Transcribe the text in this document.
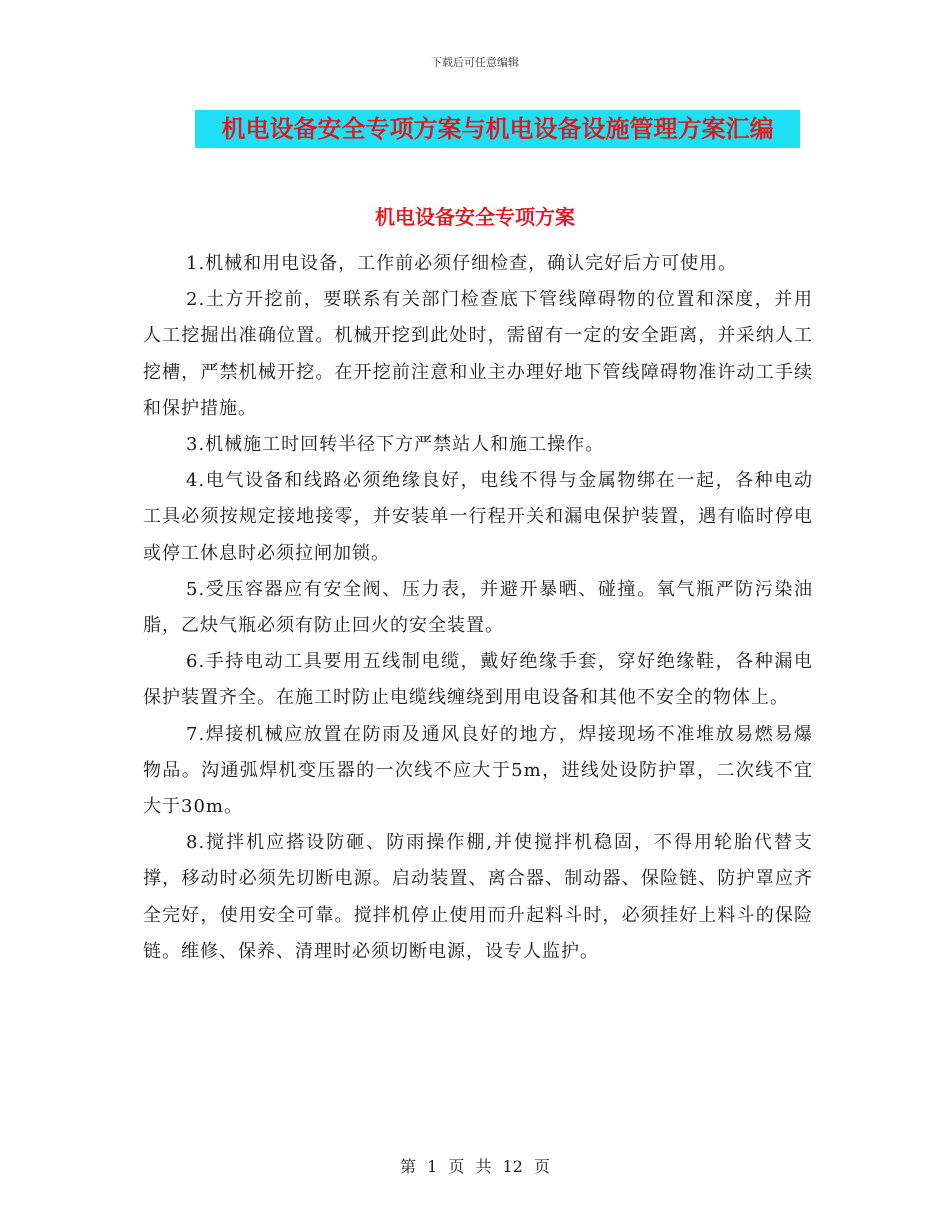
下载后可任意编辑
机电设备安全专项方案与机电设备设施管理方案汇编
机电设备安全专项方案

1.机械和用电设备，工作前必须仔细检查，确认完好后方可使用。

2.土方开挖前，要联系有关部门检查底下管线障碍物的位置和深度，并用人工挖掘出准确位置。机械开挖到此处时，需留有一定的安全距离，并采纳人工挖槽，严禁机械开挖。在开挖前注意和业主办理好地下管线障碍物准许动工手续和保护措施。

3.机械施工时回转半径下方严禁站人和施工操作。

4.电气设备和线路必须绝缘良好，电线不得与金属物绑在一起，各种电动工具必须按规定接地接零，并安装单一行程开关和漏电保护装置，遇有临时停电或停工休息时必须拉闸加锁。

5.受压容器应有安全阀、压力表，并避开暴晒、碰撞。氧气瓶严防污染油脂，乙炔气瓶必须有防止回火的安全装置。

6.手持电动工具要用五线制电缆，戴好绝缘手套，穿好绝缘鞋，各种漏电保护装置齐全。在施工时防止电缆线缠绕到用电设备和其他不安全的物体上。

7.焊接机械应放置在防雨及通风良好的地方，焊接现场不准堆放易燃易爆物品。沟通弧焊机变压器的一次线不应大于5m，进线处设防护罩，二次线不宜大于30m。

8.搅拌机应搭设防砸、防雨操作棚,并使搅拌机稳固，不得用轮胎代替支撑，移动时必须先切断电源。启动装置、离合器、制动器、保险链、防护罩应齐全完好，使用安全可靠。搅拌机停止使用而升起料斗时，必须挂好上料斗的保险链。维修、保养、清理时必须切断电源，设专人监护。

第 1 页 共 12 页
